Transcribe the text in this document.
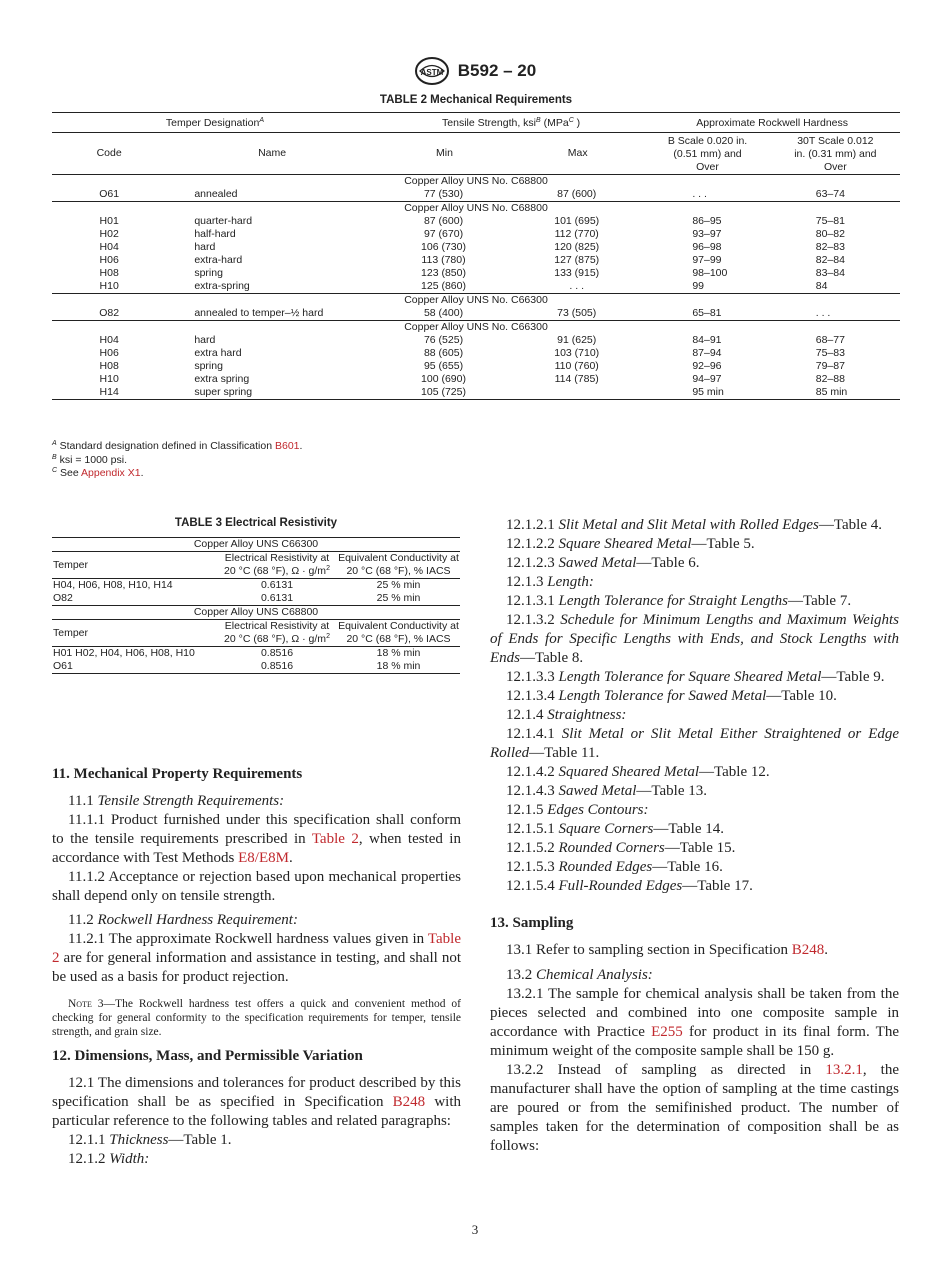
ASTM B592 – 20
TABLE 2 Mechanical Requirements
Temper Designation$^A$		Tensile Strength, ksi$^B$ (MPa$^C$ )		Approximate Rockwell Hardness	
Code	Name	Min	Max	B Scale 0.020 in. (0.51 mm) and Over	30T Scale 0.012 in. (0.31 mm) and Over
Copper Alloy UNS No. C68800					
O61	annealed	77 (530)	87 (600)	. . .	63–74
Copper Alloy UNS No. C68800					
H01	quarter-hard	87 (600)	101 (695)	86–95	75–81
H02	half-hard	97 (670)	112 (770)	93–97	80–82
H04	hard	106 (730)	120 (825)	96–98	82–83
H06	extra-hard	113 (780)	127 (875)	97–99	82–84
H08	spring	123 (850)	133 (915)	98–100	83–84
H10	extra-spring	125 (860)	. . .	99	84
Copper Alloy UNS No. C66300					
O82	annealed to temper–½ hard	58 (400)	73 (505)	65–81	. . .
Copper Alloy UNS No. C66300					
H04	hard	76 (525)	91 (625)	84–91	68–77
H06	extra hard	88 (605)	103 (710)	87–94	75–83
H08	spring	95 (655)	110 (760)	92–96	79–87
H10	extra spring	100 (690)	114 (785)	94–97	82–88
H14	super spring	105 (725)		95 min	85 min
$^A$ Standard designation defined in Classification B601.
$^B$ ksi = 1000 psi.
$^C$ See Appendix X1.
TABLE 3 Electrical Resistivity
Copper Alloy UNS C66300		
Temper	Electrical Resistivity at 20 °C (68 °F), $\Omega \cdot g/m^2$	Equivalent Conductivity at 20 °C (68 °F), % IACS
H04, H06, H08, H10, H14	0.6131	25 % min
O82	0.6131	25 % min
Copper Alloy UNS C68800		
Temper	Electrical Resistivity at 20 °C (68 °F), $\Omega \cdot g/m^2$	Equivalent Conductivity at 20 °C (68 °F), % IACS
H01 H02, H04, H06, H08, H10	0.8516	18 % min
O61	0.8516	18 % min
11. Mechanical Property Requirements

11.1 Tensile Strength Requirements:

11.1.1 Product furnished under this specification shall conform to the tensile requirements prescribed in Table 2, when tested in accordance with Test Methods E8/E8M.

11.1.2 Acceptance or rejection based upon mechanical properties shall depend only on tensile strength.

11.2 Rockwell Hardness Requirement:

11.2.1 The approximate Rockwell hardness values given in Table 2 are for general information and assistance in testing, and shall not be used as a basis for product rejection.

Note 3—The Rockwell hardness test offers a quick and convenient method of checking for general conformity to the specification requirements for temper, tensile strength, and grain size.

12. Dimensions, Mass, and Permissible Variation

12.1 The dimensions and tolerances for product described by this specification shall be as specified in Specification B248 with particular reference to the following tables and related paragraphs:

12.1.1 Thickness—Table 1.

12.1.2 Width:

12.1.2.1 Slit Metal and Slit Metal with Rolled Edges—Table 4.

12.1.2.2 Square Sheared Metal—Table 5.

12.1.2.3 Sawed Metal—Table 6.

12.1.3 Length:

12.1.3.1 Length Tolerance for Straight Lengths—Table 7.

12.1.3.2 Schedule for Minimum Lengths and Maximum Weights of Ends for Specific Lengths with Ends, and Stock Lengths with Ends—Table 8.

12.1.3.3 Length Tolerance for Square Sheared Metal—Table 9.

12.1.3.4 Length Tolerance for Sawed Metal—Table 10.

12.1.4 Straightness:

12.1.4.1 Slit Metal or Slit Metal Either Straightened or Edge Rolled—Table 11.

12.1.4.2 Squared Sheared Metal—Table 12.

12.1.4.3 Sawed Metal—Table 13.

12.1.5 Edges Contours:

12.1.5.1 Square Corners—Table 14.

12.1.5.2 Rounded Corners—Table 15.

12.1.5.3 Rounded Edges—Table 16.

12.1.5.4 Full-Rounded Edges—Table 17.

13. Sampling

13.1 Refer to sampling section in Specification B248.

13.2 Chemical Analysis:

13.2.1 The sample for chemical analysis shall be taken from the pieces selected and combined into one composite sample in accordance with Practice E255 for product in its final form. The minimum weight of the composite sample shall be 150 g.

13.2.2 Instead of sampling as directed in 13.2.1, the manufacturer shall have the option of sampling at the time castings are poured or from the semifinished product. The number of samples taken for the determination of composition shall be as follows:

3
